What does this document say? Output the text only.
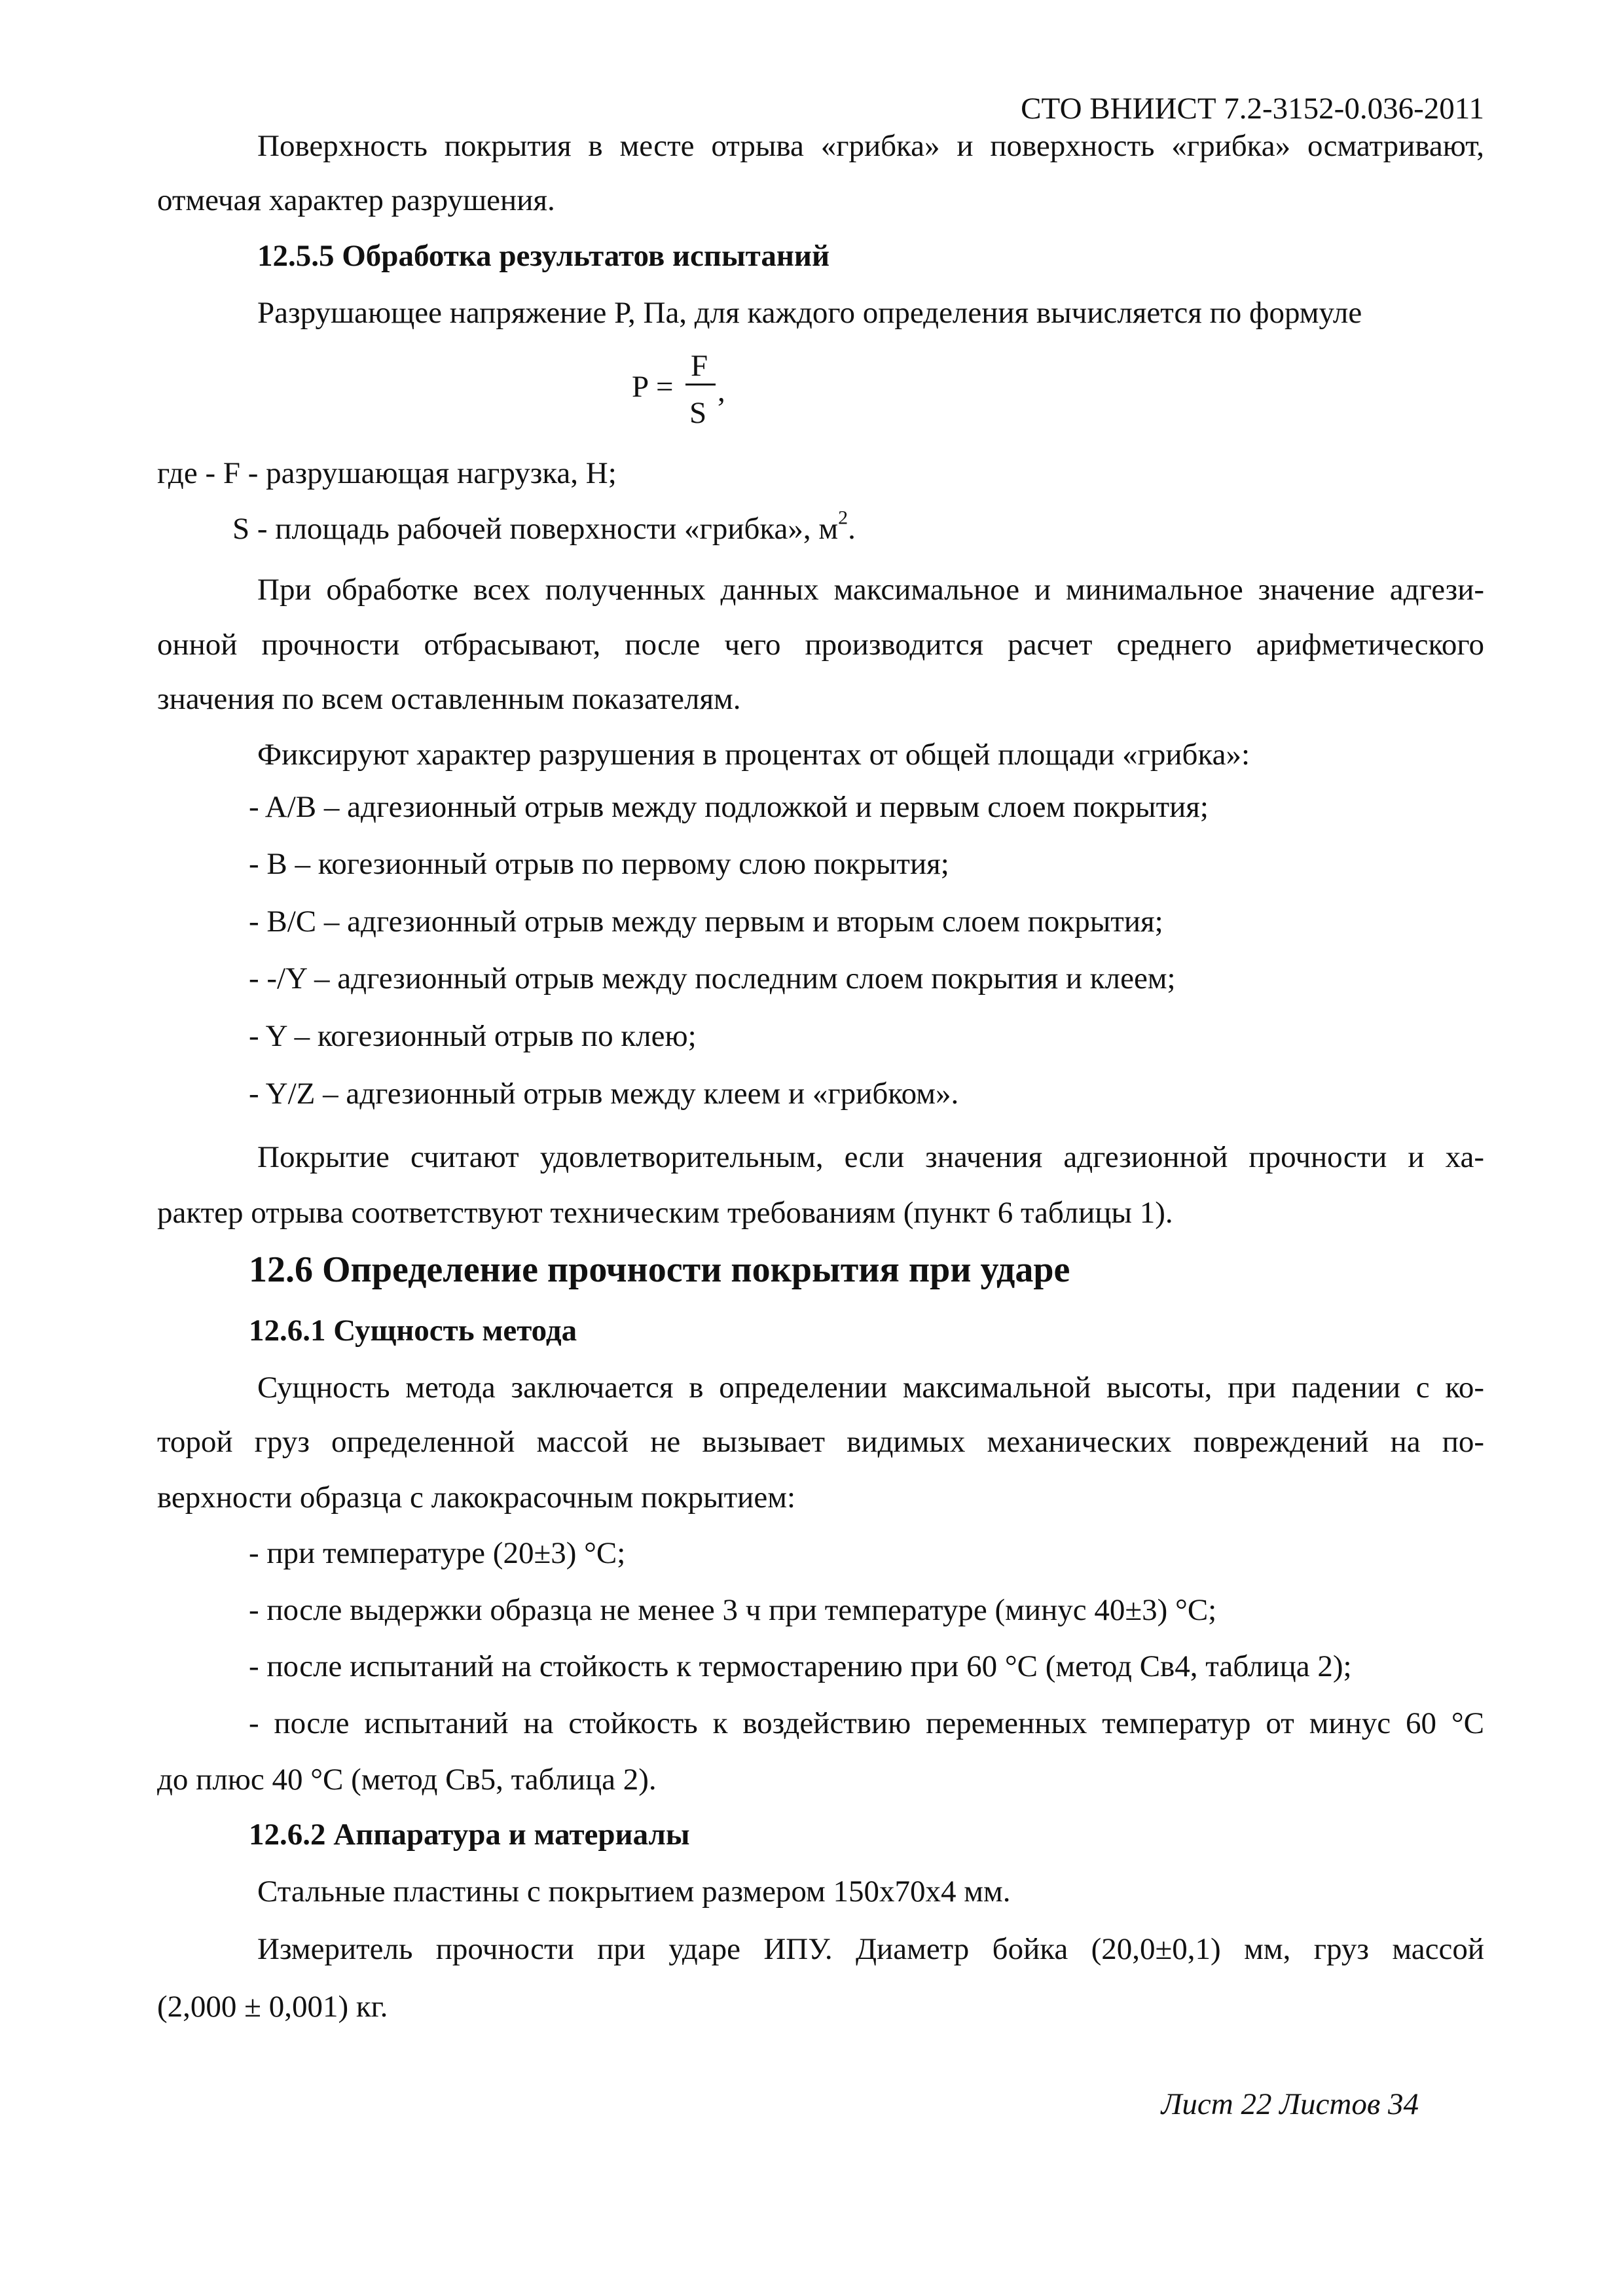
СТО ВНИИСТ 7.2-3152-0.036-2011
Поверхность покрытия в месте отрыва «грибка» и поверхность «грибка» осматривают,
отмечая характер разрушения.
12.5.5 Обработка результатов испытаний
Разрушающее напряжение P, Па, для каждого определения вычисляется по формуле
P =
F
S
,
где - F - разрушающая нагрузка, Н;
S - площадь рабочей поверхности «грибка», $м^2$.
При обработке всех полученных данных максимальное и минимальное значение адгези-
онной прочности отбрасывают, после чего производится расчет среднего арифметического
значения по всем оставленным показателям.
Фиксируют характер разрушения в процентах от общей площади «грибка»:
- A/B – адгезионный отрыв между подложкой и первым слоем покрытия;
- B – когезионный отрыв по первому слою покрытия;
- B/C – адгезионный отрыв между первым и вторым слоем покрытия;
- -/Y – адгезионный отрыв между последним слоем покрытия и клеем;
- Y – когезионный отрыв по клею;
- Y/Z – адгезионный отрыв между клеем и «грибком».
Покрытие считают удовлетворительным, если значения адгезионной прочности и ха-
рактер отрыва соответствуют техническим требованиям (пункт 6 таблицы 1).
12.6 Определение прочности покрытия при ударе
12.6.1 Сущность метода
Сущность метода заключается в определении максимальной высоты, при падении с ко-
торой груз определенной массой не вызывает видимых механических повреждений на по-
верхности образца с лакокрасочным покрытием:
- при температуре (20±3) °С;
- после выдержки образца не менее 3 ч при температуре (минус 40±3) °С;
- после испытаний на стойкость к термостарению при 60 °С (метод Св4, таблица 2);
- после испытаний на стойкость к воздействию переменных температур от минус 60 °С
до плюс 40 °С (метод Св5, таблица 2).
12.6.2 Аппаратура и материалы
Стальные пластины с покрытием размером 150х70х4 мм.
Измеритель прочности при ударе ИПУ. Диаметр бойка (20,0±0,1) мм, груз массой
(2,000 ± 0,001) кг.
Лист 22 Листов 34
